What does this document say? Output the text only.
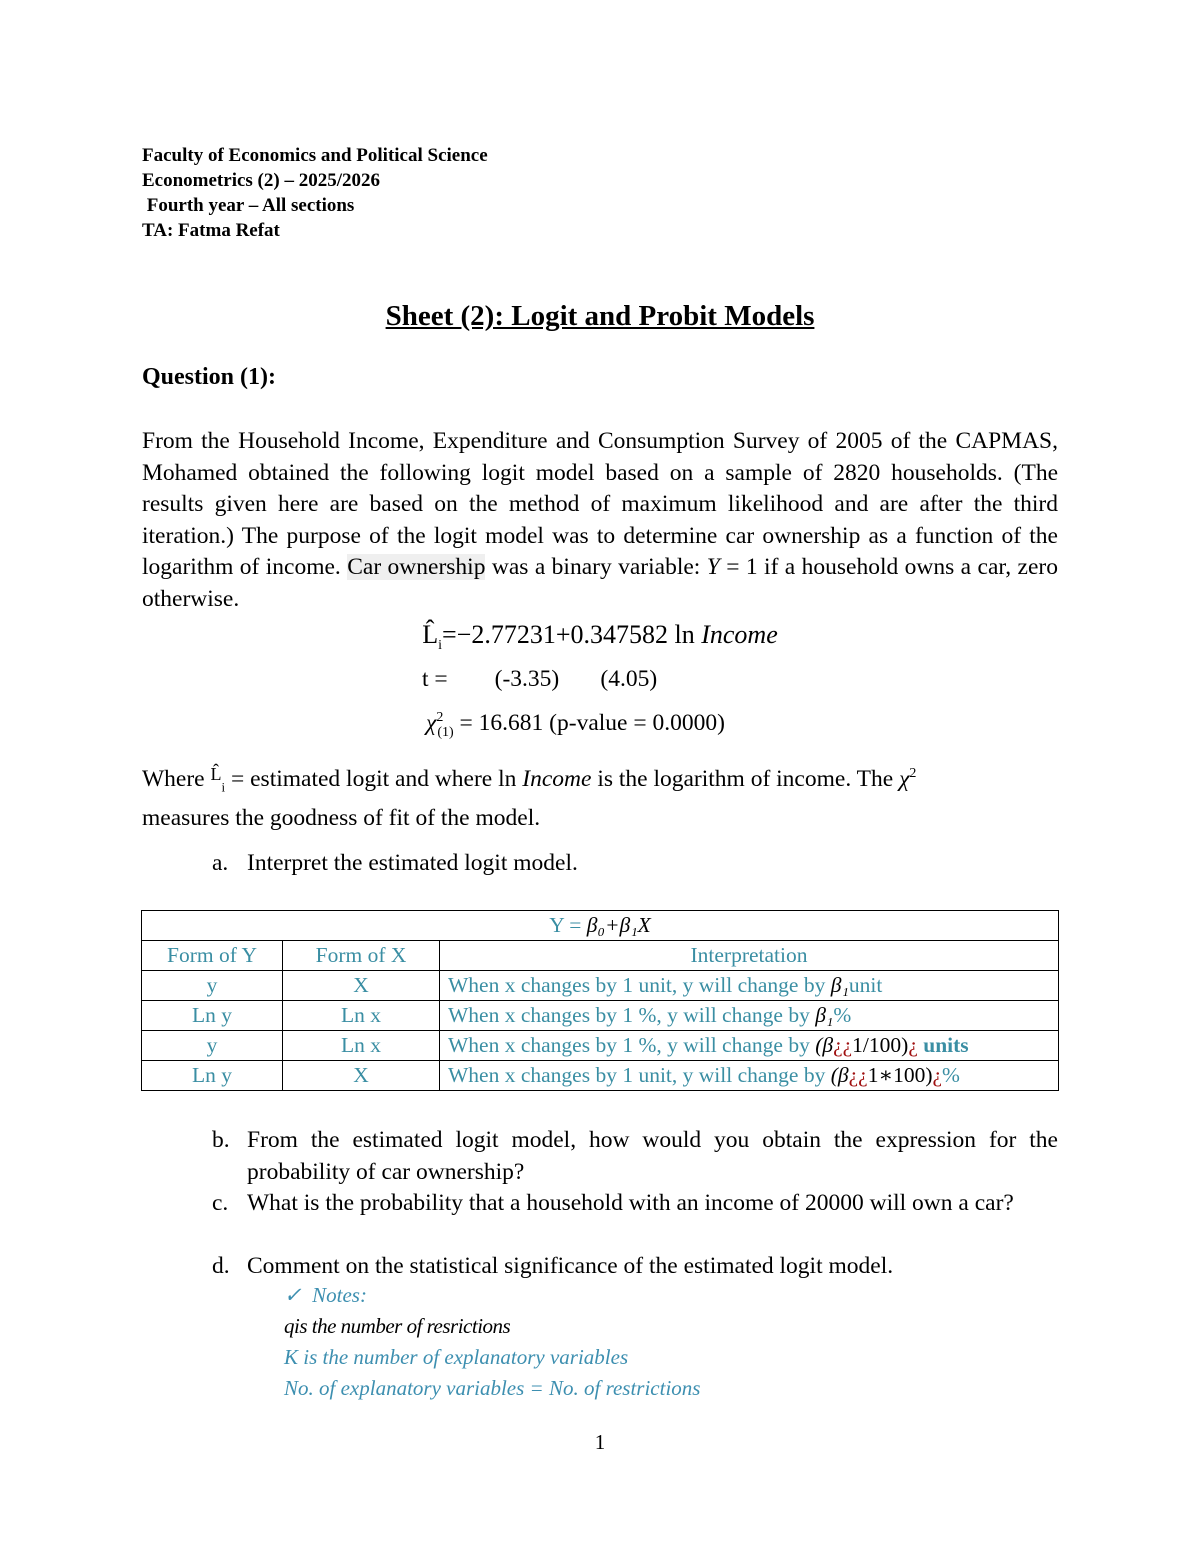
Faculty of Economics and Political Science
Econometrics (2) – 2025/2026
Fourth year – All sections
TA: Fatma Refat
Sheet (2): Logit and Probit Models
Question (1):
From the Household Income, Expenditure and Consumption Survey of 2005 of the CAPMAS, Mohamed obtained the following logit model based on a sample of 2820 households. (The results given here are based on the method of maximum likelihood and are after the third iteration.) The purpose of the logit model was to determine car ownership as a function of the logarithm of income. Car ownership was a binary variable: Y = 1 if a household owns a car, zero otherwise.
$L̂_i=-2.77231+0.347582$ ln Income
t =        (-3.35)       (4.05)
$\chi^2_{(1)} = 16.681$ (p-value = 0.0000)
Where $^{L̂}_i$ = estimated logit and where ln Income is the logarithm of income. The $\chi^2$
measures the goodness of fit of the model.
a. Interpret the estimated logit model.
Y = β₀+β₁X		
Form of Y	Form of X	Interpretation
y	X	When x changes by 1 unit, y will change by β₁unit
Ln y	Ln x	When x changes by 1 %, y will change by β₁%
y	Ln x	When x changes by 1 %, y will change by (β¿¿1/100)¿ units
Ln y	X	When x changes by 1 unit, y will change by (β¿¿1∗100)¿%
b. From the estimated logit model, how would you obtain the expression for the probability of car ownership?
c. What is the probability that a household with an income of 20000 will own a car?
d. Comment on the statistical significance of the estimated logit model.
✓ Notes:
qis the number of resrictions
K is the number of explanatory variables
No. of explanatory variables = No. of restrictions
1
